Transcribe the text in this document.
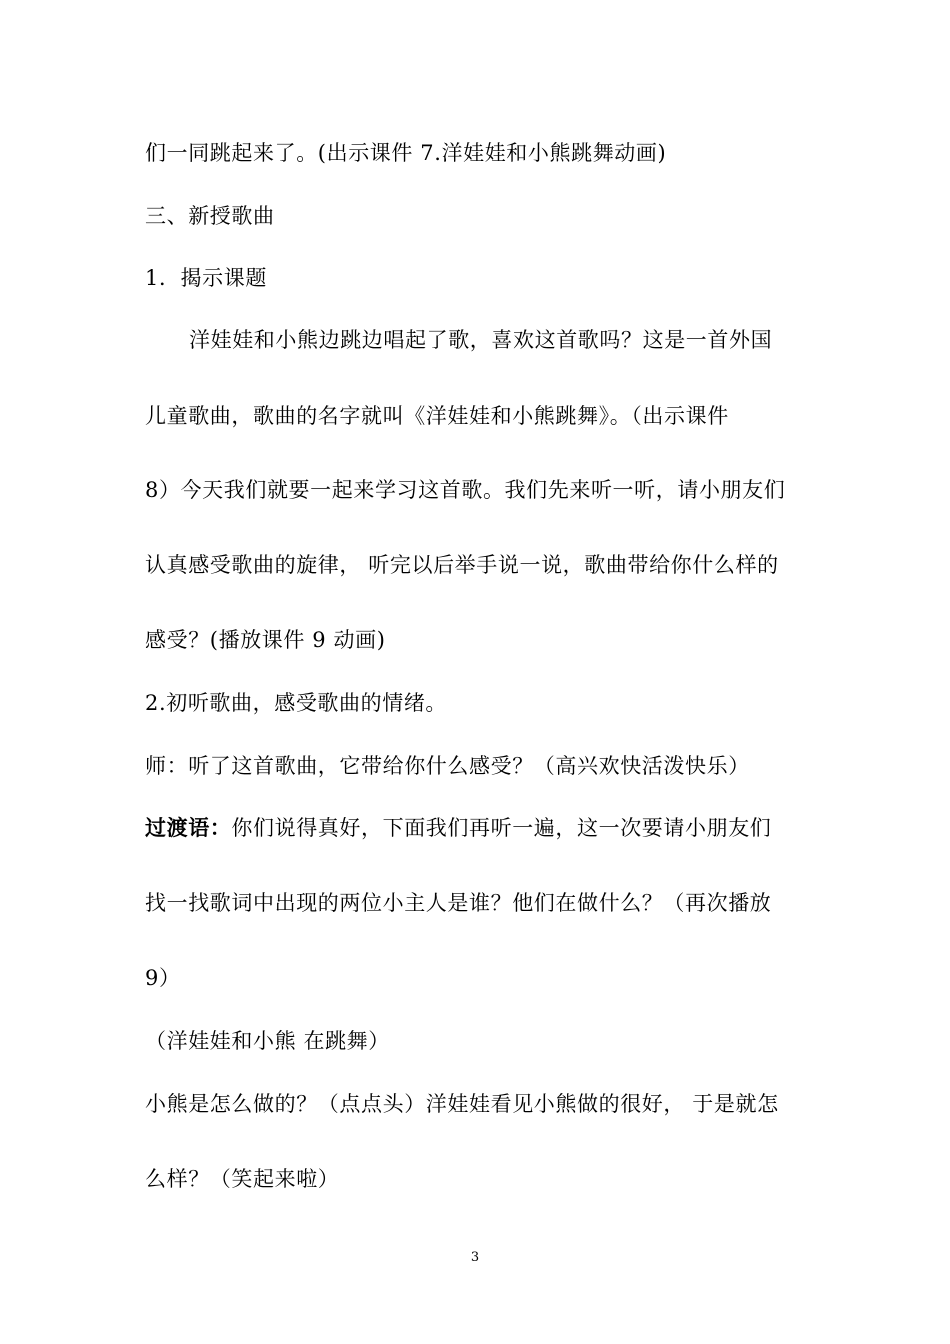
们一同跳起来了。(出示课件 7.洋娃娃和小熊跳舞动画)
三、新授歌曲
1．揭示课题
洋娃娃和小熊边跳边唱起了歌，喜欢这首歌吗？这是一首外国
儿童歌曲，歌曲的名字就叫《洋娃娃和小熊跳舞》。（出示课件
8）今天我们就要一起来学习这首歌。我们先来听一听，请小朋友们
认真感受歌曲的旋律， 听完以后举手说一说，歌曲带给你什么样的
感受？(播放课件 9 动画)
2.初听歌曲，感受歌曲的情绪。
师：听了这首歌曲，它带给你什么感受？（高兴欢快活泼快乐）
过渡语：你们说得真好，下面我们再听一遍，这一次要请小朋友们
找一找歌词中出现的两位小主人是谁？他们在做什么？（再次播放
9）
（洋娃娃和小熊 在跳舞）
小熊是怎么做的？（点点头）洋娃娃看见小熊做的很好， 于是就怎
么样？（笑起来啦）
3
